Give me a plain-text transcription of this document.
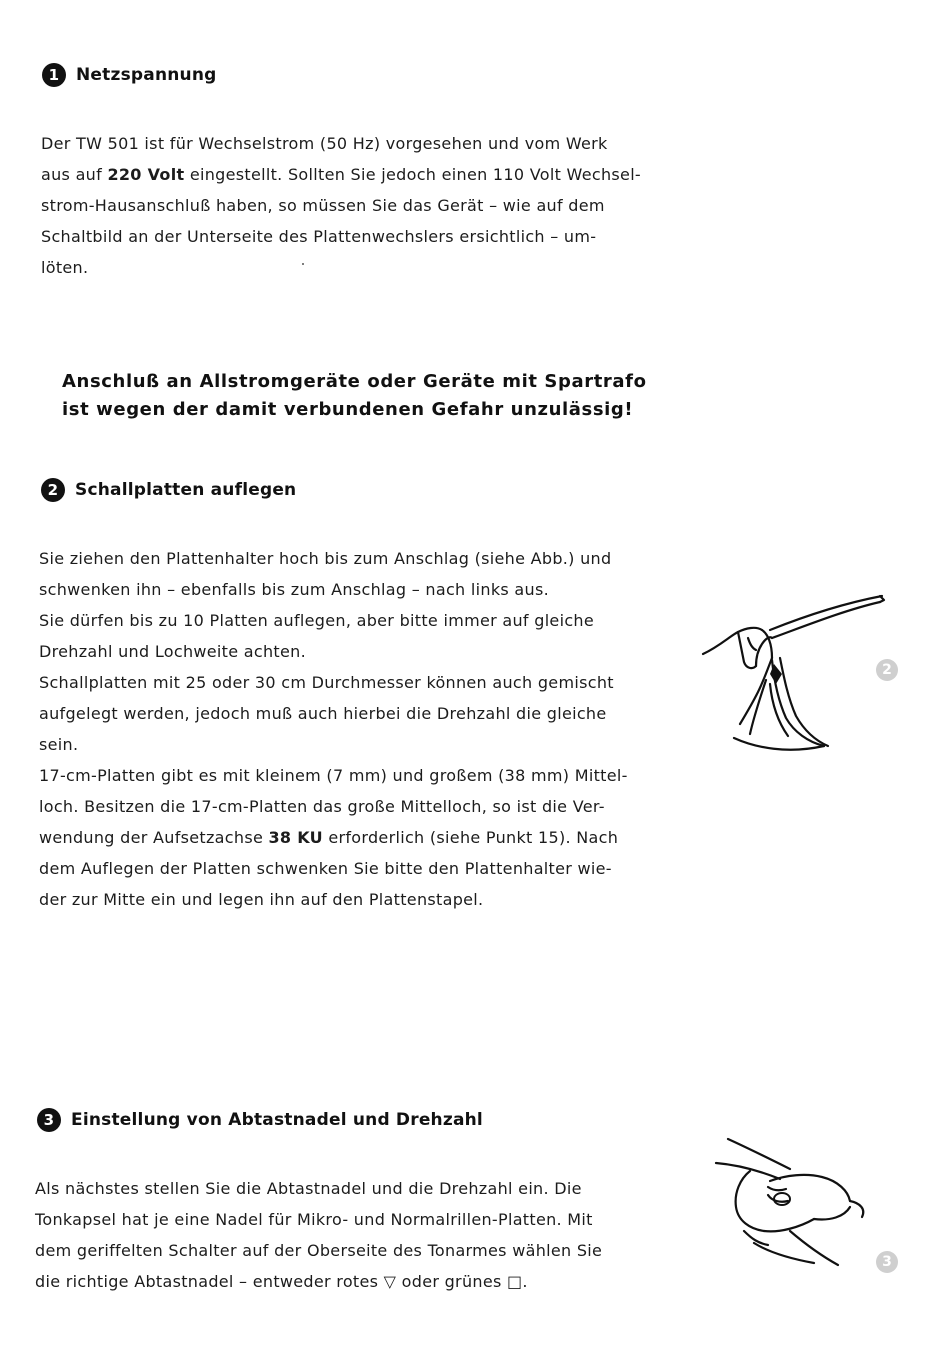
1 Netzspannung
Der TW 501 ist für Wechselstrom (50 Hz) vorgesehen und vom Werk
aus auf 220 Volt eingestellt. Sollten Sie jedoch einen 110 Volt Wechsel-
strom-Hausanschluß haben, so müssen Sie das Gerät – wie auf dem
Schaltbild an der Unterseite des Plattenwechslers ersichtlich – um-
löten.
Anschluß an Allstromgeräte oder Geräte mit Spartrafo
ist wegen der damit verbundenen Gefahr unzulässig!
2 Schallplatten auflegen
Sie ziehen den Plattenhalter hoch bis zum Anschlag (siehe Abb.) und
schwenken ihn – ebenfalls bis zum Anschlag – nach links aus.
Sie dürfen bis zu 10 Platten auflegen, aber bitte immer auf gleiche
Drehzahl und Lochweite achten.
Schallplatten mit 25 oder 30 cm Durchmesser können auch gemischt
aufgelegt werden, jedoch muß auch hierbei die Drehzahl die gleiche
sein.
17-cm-Platten gibt es mit kleinem (7 mm) und großem (38 mm) Mittel-
loch. Besitzen die 17-cm-Platten das große Mittelloch, so ist die Ver-
wendung der Aufsetzachse 38 KU erforderlich (siehe Punkt 15). Nach
dem Auflegen der Platten schwenken Sie bitte den Plattenhalter wie-
der zur Mitte ein und legen ihn auf den Plattenstapel.
2
3 Einstellung von Abtastnadel und Drehzahl
Als nächstes stellen Sie die Abtastnadel und die Drehzahl ein. Die
Tonkapsel hat je eine Nadel für Mikro- und Normalrillen-Platten. Mit
dem geriffelten Schalter auf der Oberseite des Tonarmes wählen Sie
die richtige Abtastnadel – entweder rotes ▽ oder grünes □.
3
